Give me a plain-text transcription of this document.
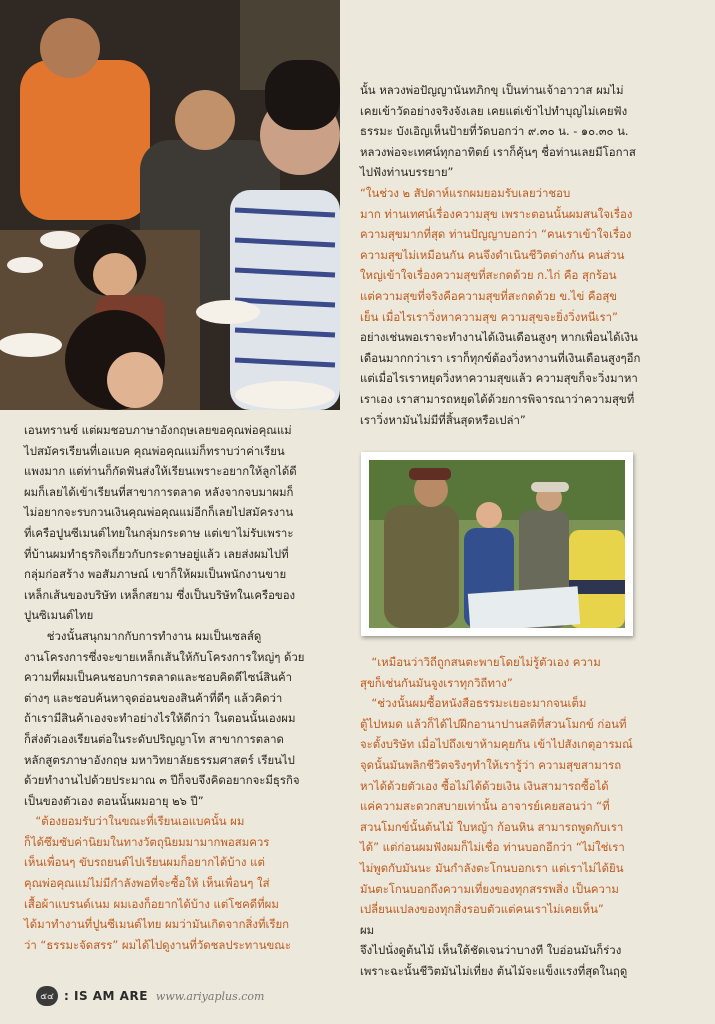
นั้น หลวงพ่อปัญญานันทภิกขุ เป็นท่านเจ้าอาวาส ผมไม่
เคยเข้าวัดอย่างจริงจังเลย เคยแต่เข้าไปทำบุญไม่เคยฟัง
ธรรมะ บังเอิญเห็นป้ายที่วัดบอกว่า ๙.๓๐ น. - ๑๐.๓๐ น.
หลวงพ่อจะเทศน์ทุกอาทิตย์ เราก็คุ้นๆ ชื่อท่านเลยมีโอกาส
ไปฟังท่านบรรยาย”

“ในช่วง ๒ สัปดาห์แรกผมยอมรับเลยว่าชอบ
มาก ท่านเทศน์เรื่องความสุข เพราะตอนนั้นผมสนใจเรื่อง
ความสุขมากที่สุด ท่านปัญญาบอกว่า “คนเราเข้าใจเรื่อง
ความสุขไม่เหมือนกัน คนจึงดำเนินชีวิตต่างกัน คนส่วน
ใหญ่เข้าใจเรื่องความสุขที่สะกดด้วย ก.ไก่ คือ สุกร้อน
แต่ความสุขที่จริงคือความสุขที่สะกดด้วย ข.ไข่ คือสุข
เย็น เมื่อไรเราวิ่งหาความสุข ความสุขจะยิ่งวิ่งหนีเรา”

อย่างเช่นพอเราจะทำงานได้เงินเดือนสูงๆ หากเพื่อนได้เงิน
เดือนมากกว่าเรา เราก็ทุกข์ต้องวิ่งหางานที่เงินเดือนสูงๆอีก
แต่เมื่อไรเราหยุดวิ่งหาความสุขแล้ว ความสุขก็จะวิ่งมาหา
เราเอง เราสามารถหยุดได้ด้วยการพิจารณาว่าความสุขที่
เราวิ่งหามันไม่มีที่สิ้นสุดหรือเปล่า”

เอนทรานซ์ แต่ผมชอบภาษาอังกฤษเลยขอคุณพ่อคุณแม่
ไปสมัครเรียนที่เอแบค คุณพ่อคุณแม่ก็ทราบว่าค่าเรียน
แพงมาก แต่ท่านก็กัดฟันส่งให้เรียนเพราะอยากให้ลูกได้ดี
ผมก็เลยได้เข้าเรียนที่สาขาการตลาด หลังจากจบมาผมก็
ไม่อยากจะรบกวนเงินคุณพ่อคุณแม่อีกก็เลยไปสมัครงาน
ที่เครือปูนซีเมนต์ไทยในกลุ่มกระดาษ แต่เขาไม่รับเพราะ
ที่บ้านผมทำธุรกิจเกี่ยวกับกระดาษอยู่แล้ว เลยส่งผมไปที่
กลุ่มก่อสร้าง พอสัมภาษณ์ เขาก็ให้ผมเป็นพนักงานขาย
เหล็กเส้นของบริษัท เหล็กสยาม ซึ่งเป็นบริษัทในเครือของ
ปูนซิเมนต์ไทย

  ช่วงนั้นสนุกมากกับการทำงาน ผมเป็นเซลส์ดู
งานโครงการซึ่งจะขายเหล็กเส้นให้กับโครงการใหญ่ๆ ด้วย
ความที่ผมเป็นคนชอบการตลาดและชอบคิดดีไซน์สินค้า
ต่างๆ และชอบค้นหาจุดอ่อนของสินค้าที่ดีๆ แล้วคิดว่า
ถ้าเรามีสินค้าเองจะทำอย่างไรให้ดีกว่า ในตอนนั้นเองผม
ก็ส่งตัวเองเรียนต่อในระดับปริญญาโท สาขาการตลาด
หลักสูตรภาษาอังกฤษ มหาวิทยาลัยธรรมศาสตร์ เรียนไป
ด้วยทำงานไปด้วยประมาณ ๓ ปีก็จบจึงคิดอยากจะมีธุรกิจ
เป็นของตัวเอง ตอนนั้นผมอายุ ๒๖ ปี”

 “ต้องยอมรับว่าในขณะที่เรียนเอแบคนั้น ผม
ก็ได้ซึมซับค่านิยมในทางวัตถุนิยมมามากพอสมควร
เห็นเพื่อนๆ ขับรถยนต์ไปเรียนผมก็อยากได้บ้าง แต่
คุณพ่อคุณแม่ไม่มีกำลังพอที่จะซื้อให้ เห็นเพื่อนๆ ใส่
เสื้อผ้าแบรนด์เนม ผมเองก็อยากได้บ้าง แต่โชคดีที่ผม
ได้มาทำงานที่ปูนซีเมนต์ไทย ผมว่ามันเกิดจากสิ่งที่เรียก
ว่า “ธรรมะจัดสรร” ผมได้ไปดูงานที่วัดชลประทานขณะ

 “เหมือนว่าวิถีถูกสนตะพายโดยไม่รู้ตัวเอง ความ
สุขก็เช่นกันมันจูงเราทุกวิถีทาง”

 “ช่วงนั้นผมซื้อหนังสือธรรมะเยอะมากจนเต็ม
ตู้ไปหมด แล้วก็ได้ไปฝึกอานาปานสติที่สวนโมกข์ ก่อนที่
จะตั้งบริษัท เมื่อไปถึงเขาห้ามคุยกัน เข้าไปสังเกตุอารมณ์
จุดนั้นมันพลิกชีวิตจริงๆทำให้เรารู้ว่า ความสุขสามารถ
หาได้ด้วยตัวเอง ซื้อไม่ได้ด้วยเงิน เงินสามารถซื้อได้
แค่ความสะดวกสบายเท่านั้น อาจารย์เคยสอนว่า “ที่
สวนโมกข์นั้นต้นไม้ ใบหญ้า ก้อนหิน สามารถพูดกับเรา
ได้” แต่ก่อนผมฟังผมก็ไม่เชื่อ ท่านบอกอีกว่า “ไม่ใช่เรา
ไม่พูดกับมันนะ มันกำลังตะโกนบอกเรา แต่เราไม่ได้ยิน
มันตะโกนบอกถึงความเที่ยงของทุกสรรพสิ่ง เป็นความ
เปลี่ยนแปลงของทุกสิ่งรอบตัวแต่คนเราไม่เคยเห็น”

ผม
จึงไปนั่งดูต้นไม้ เห็นใต้ชัดเจนว่าบางที ใบอ่อนมันก็ร่วง
เพราะฉะนั้นชีวิตมันไม่เที่ยง ต้นไม้จะแข็งแรงที่สุดในฤดู

๕๔ : IS AM ARE www.ariyaplus.com
